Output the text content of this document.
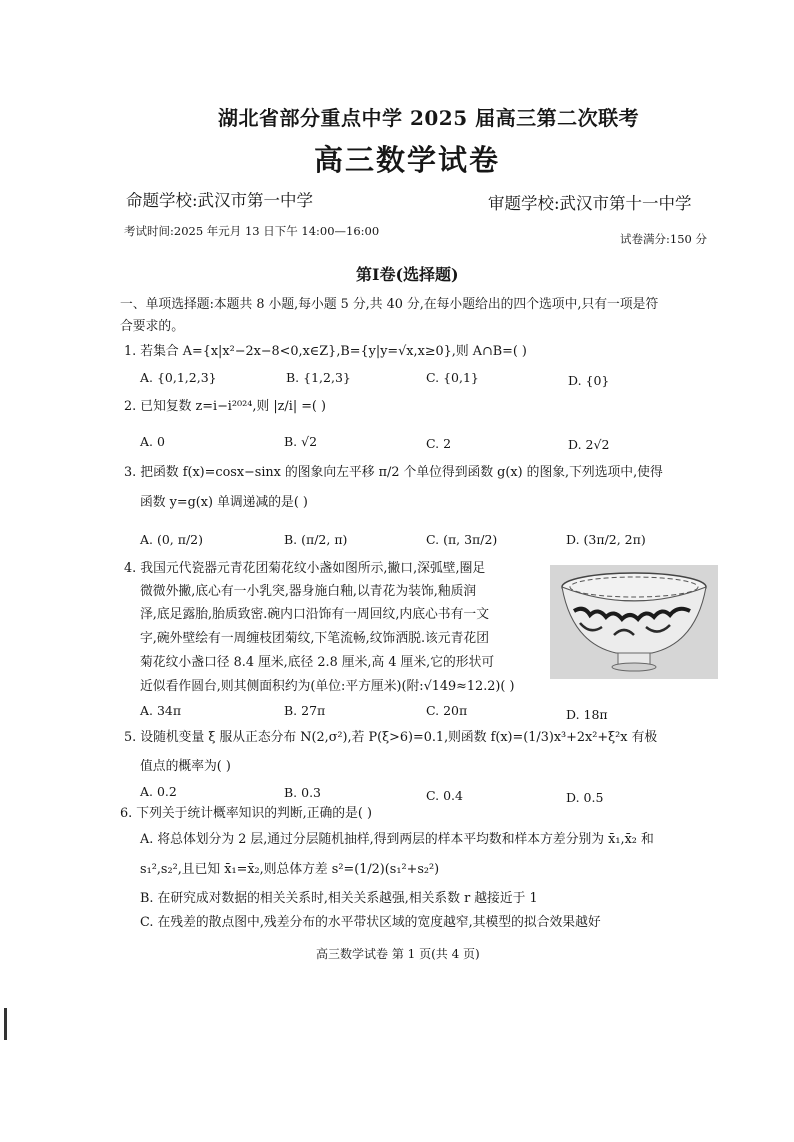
湖北省部分重点中学 2025 届高三第二次联考
高三数学试卷
命题学校:武汉市第一中学	审题学校:武汉市第十一中学
考试时间:2025 年元月 13 日下午 14:00—16:00
试卷满分:150 分
第Ⅰ卷(选择题)
一、单项选择题:本题共 8 小题,每小题 5 分,共 40 分,在每小题给出的四个选项中,只有一项是符
合要求的。
1. 若集合 A={x|x²−2x−8<0,x∈Z},B={y|y=√x,x≥0},则 A∩B=( )
A. {0,1,2,3}	B. {1,2,3}	C. {0,1}	D. {0}
2. 已知复数 z=i−i²⁰²⁴,则 |z/i| =( )
A. 0	B. √2	C. 2	D. 2√2
3. 把函数 f(x)=cosx−sinx 的图象向左平移 π/2 个单位得到函数 g(x) 的图象,下列选项中,使得
函数 y=g(x) 单调递减的是( )
A. (0, π/2)	B. (π/2, π)	C. (π, 3π/2)	D. (3π/2, 2π)
4. 我国元代瓷器元青花团菊花纹小盏如图所示,撇口,深弧壁,圈足
微微外撇,底心有一小乳突,器身施白釉,以青花为装饰,釉质润
泽,底足露胎,胎质致密.碗内口沿饰有一周回纹,内底心书有一文
字,碗外壁绘有一周缠枝团菊纹,下笔流畅,纹饰洒脱.该元青花团
菊花纹小盏口径 8.4 厘米,底径 2.8 厘米,高 4 厘米,它的形状可
近似看作圆台,则其侧面积约为(单位:平方厘米)(附:√149≈12.2)( )
A. 34π	B. 27π	C. 20π	D. 18π
5. 设随机变量 ξ 服从正态分布 N(2,σ²),若 P(ξ>6)=0.1,则函数 f(x)=(1/3)x³+2x²+ξ²x 有极
值点的概率为( )
A. 0.2	B. 0.3	C. 0.4	D. 0.5
6. 下列关于统计概率知识的判断,正确的是( )
A. 将总体划分为 2 层,通过分层随机抽样,得到两层的样本平均数和样本方差分别为 x̄₁,x̄₂ 和
s₁²,s₂²,且已知 x̄₁=x̄₂,则总体方差 s²=(1/2)(s₁²+s₂²)
B. 在研究成对数据的相关关系时,相关关系越强,相关系数 r 越接近于 1
C. 在残差的散点图中,残差分布的水平带状区域的宽度越窄,其模型的拟合效果越好
高三数学试卷 第 1 页(共 4 页)
